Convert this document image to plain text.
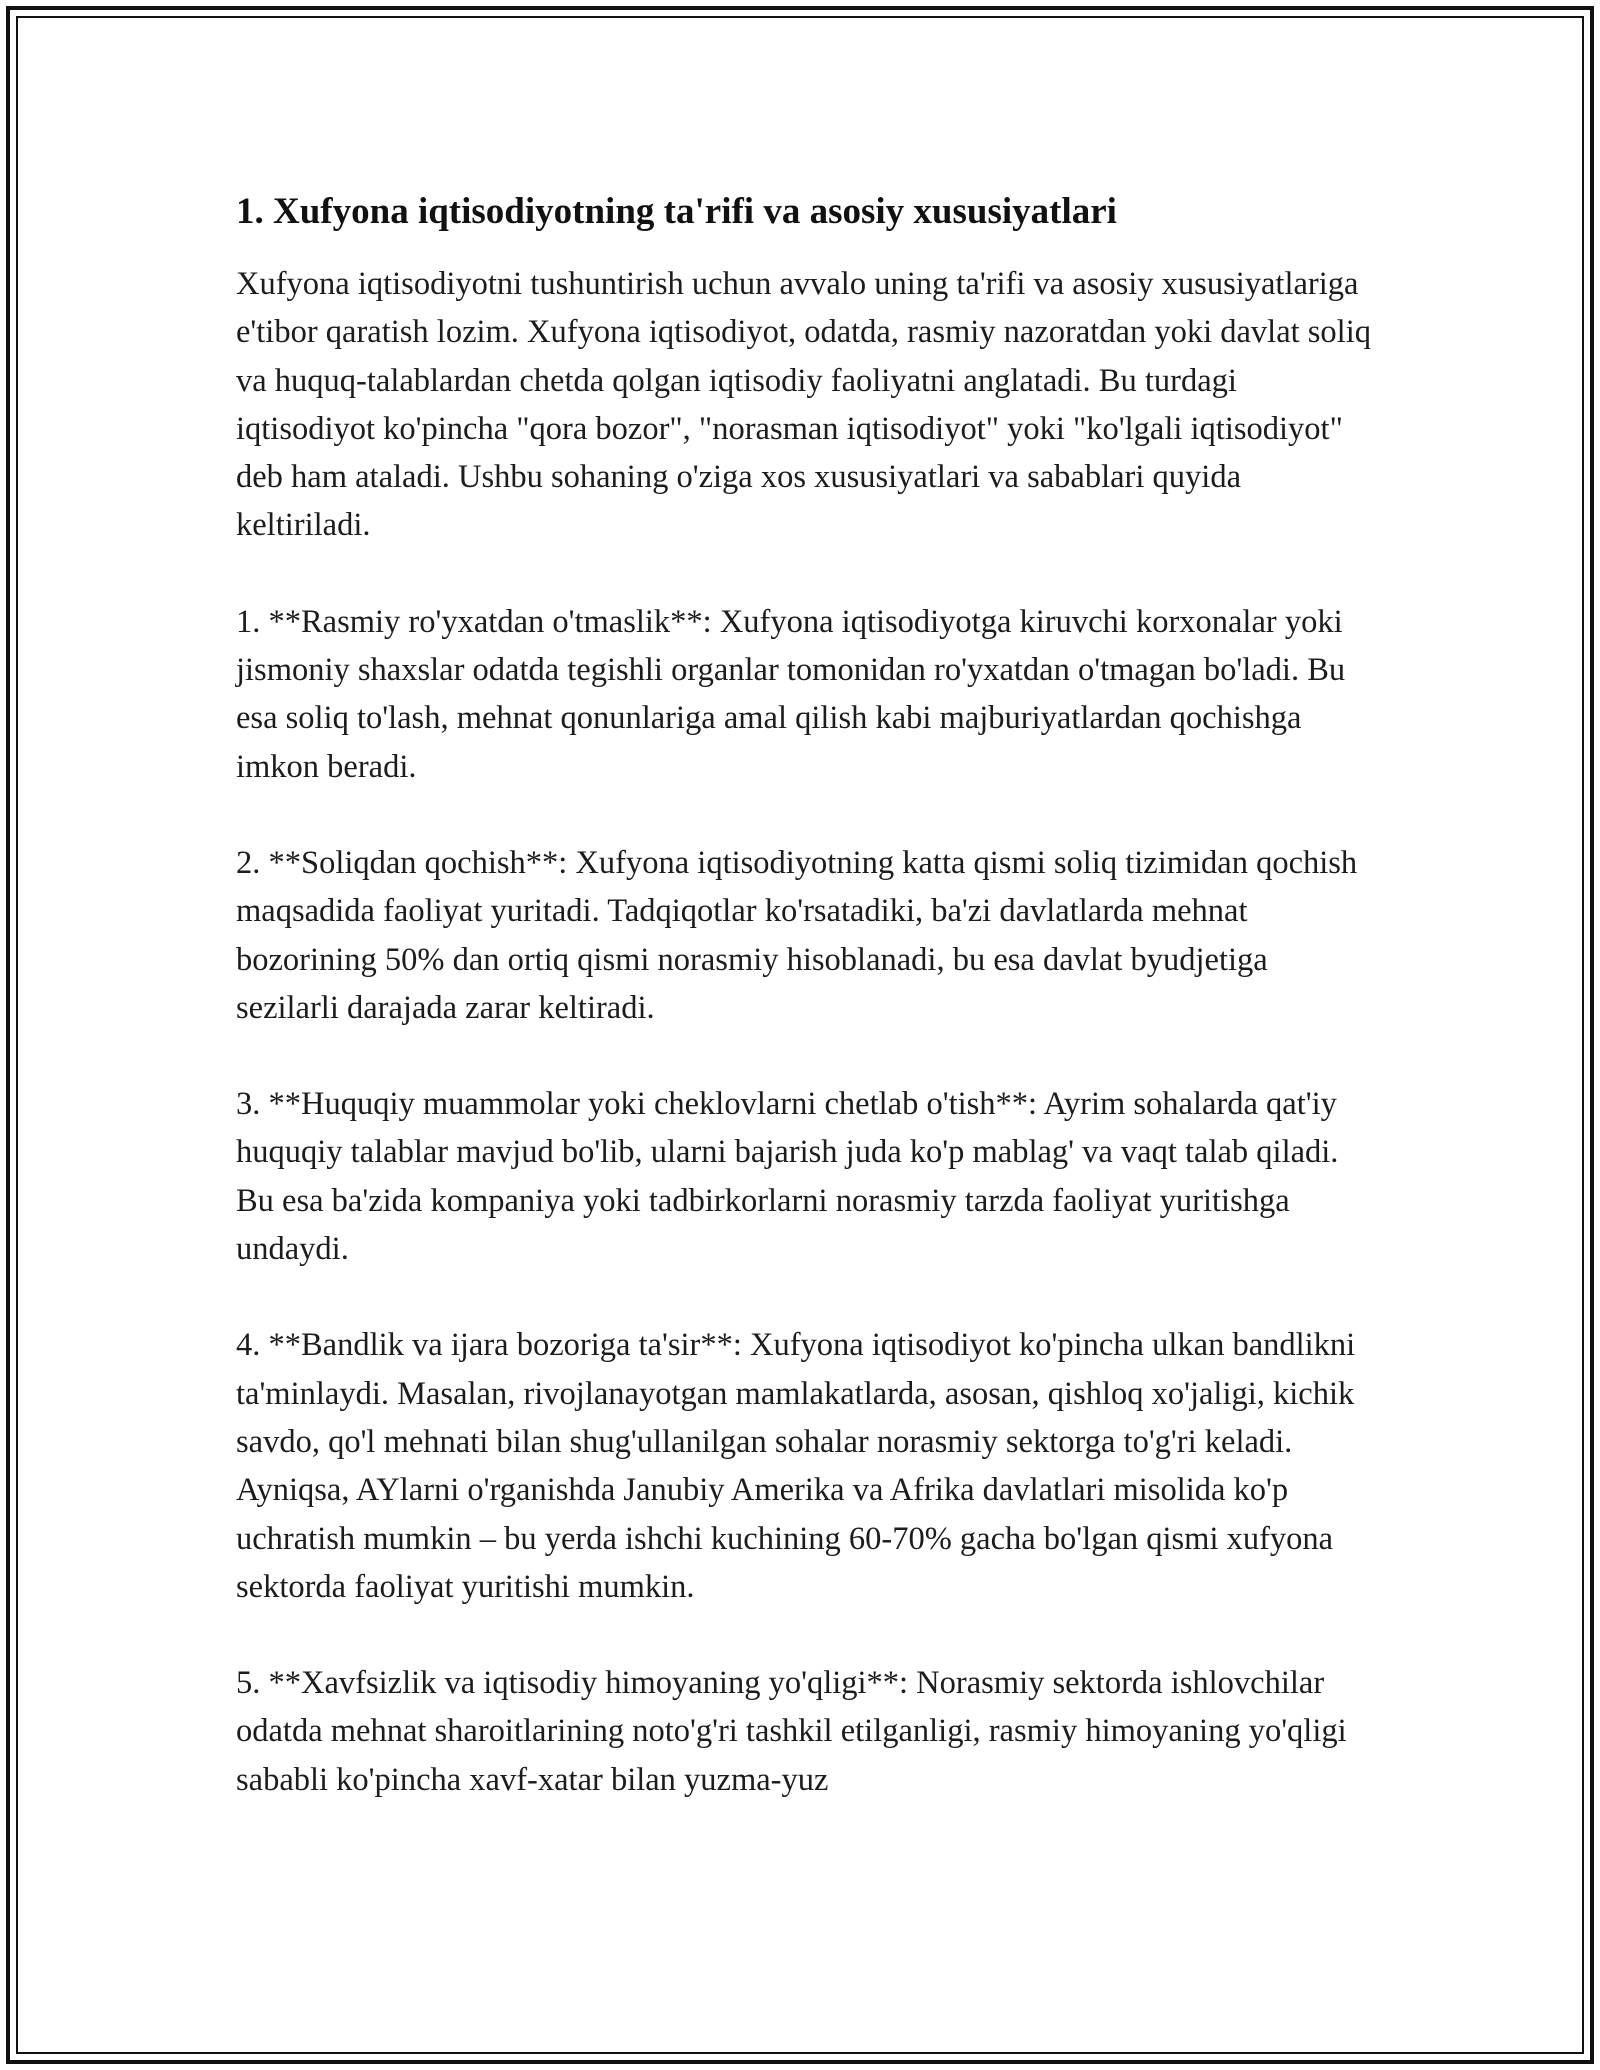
1. Xufyona iqtisodiyotning ta'rifi va asosiy xususiyatlari

Xufyona iqtisodiyotni tushuntirish uchun avvalo uning ta'rifi va asosiy xususiyatlariga e'tibor qaratish lozim. Xufyona iqtisodiyot, odatda, rasmiy nazoratdan yoki davlat soliq va huquq-talablardan chetda qolgan iqtisodiy faoliyatni anglatadi. Bu turdagi iqtisodiyot ko'pincha "qora bozor", "norasman iqtisodiyot" yoki "ko'lgali iqtisodiyot" deb ham ataladi. Ushbu sohaning o'ziga xos xususiyatlari va sabablari quyida keltiriladi.

1. **Rasmiy ro'yxatdan o'tmaslik**: Xufyona iqtisodiyotga kiruvchi korxonalar yoki jismoniy shaxslar odatda tegishli organlar tomonidan ro'yxatdan o'tmagan bo'ladi. Bu esa soliq to'lash, mehnat qonunlariga amal qilish kabi majburiyatlardan qochishga imkon beradi.

2. **Soliqdan qochish**: Xufyona iqtisodiyotning katta qismi soliq tizimidan qochish maqsadida faoliyat yuritadi. Tadqiqotlar ko'rsatadiki, ba'zi davlatlarda mehnat bozorining 50% dan ortiq qismi norasmiy hisoblanadi, bu esa davlat byudjetiga sezilarli darajada zarar keltiradi.

3. **Huquqiy muammolar yoki cheklovlarni chetlab o'tish**: Ayrim sohalarda qat'iy huquqiy talablar mavjud bo'lib, ularni bajarish juda ko'p mablag' va vaqt talab qiladi. Bu esa ba'zida kompaniya yoki tadbirkorlarni norasmiy tarzda faoliyat yuritishga undaydi.

4. **Bandlik va ijara bozoriga ta'sir**: Xufyona iqtisodiyot ko'pincha ulkan bandlikni ta'minlaydi. Masalan, rivojlanayotgan mamlakatlarda, asosan, qishloq xo'jaligi, kichik savdo, qo'l mehnati bilan shug'ullanilgan sohalar norasmiy sektorga to'g'ri keladi. Ayniqsa, AYlarni o'rganishda Janubiy Amerika va Afrika davlatlari misolida ko'p uchratish mumkin – bu yerda ishchi kuchining 60-70% gacha bo'lgan qismi xufyona sektorda faoliyat yuritishi mumkin.

5. **Xavfsizlik va iqtisodiy himoyaning yo'qligi**: Norasmiy sektorda ishlovchilar odatda mehnat sharoitlarining noto'g'ri tashkil etilganligi, rasmiy himoyaning yo'qligi sababli ko'pincha xavf-xatar bilan yuzma-yuz
